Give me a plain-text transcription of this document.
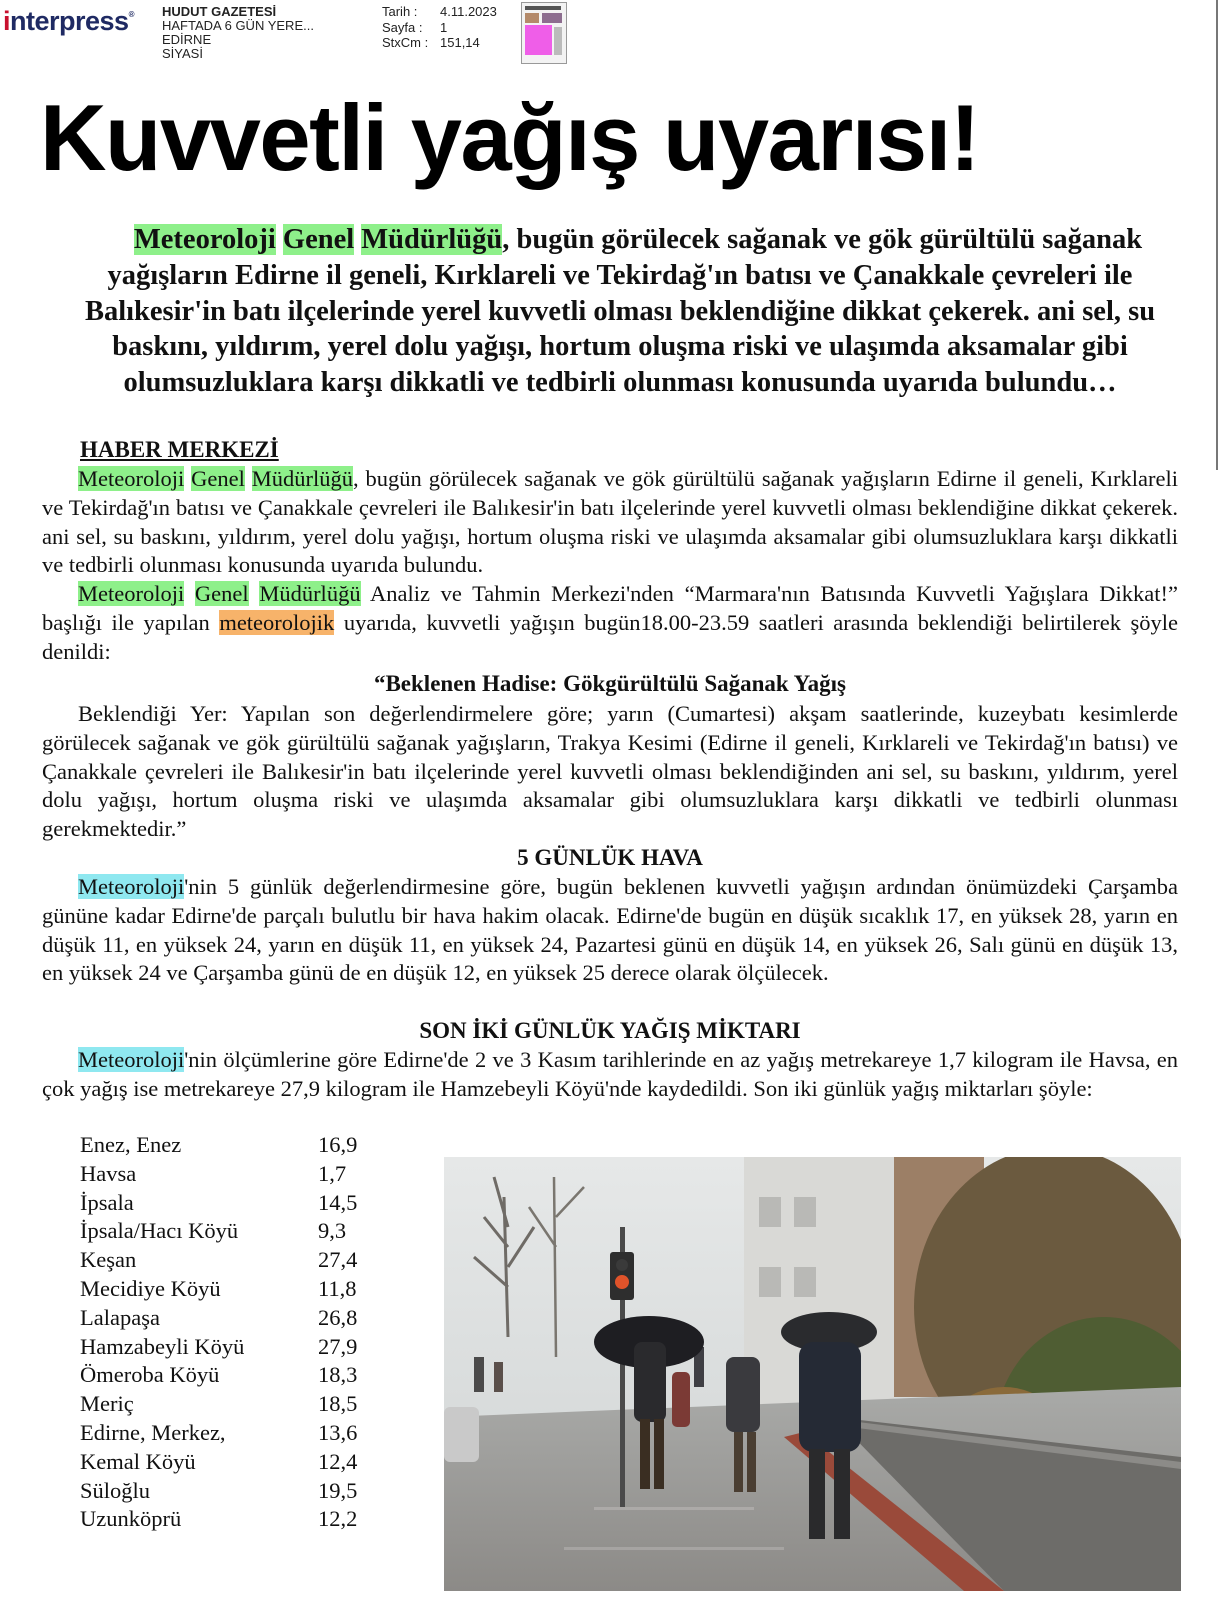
interpress® HUDUT GAZETESİ
HAFTADA 6 GÜN YERE...
EDİRNE
SİYASİ
Tarih :	4.11.2023
Sayfa :	1
StxCm : 151,14
Kuvvetli yağış uyarısı!
Meteoroloji Genel Müdürlüğü, bugün görülecek sağanak ve gök gürültülü sağanak yağışların Edirne il geneli, Kırklareli ve Tekirdağ'ın batısı ve Çanakkale çevreleri ile Balıkesir'in batı ilçelerinde yerel kuvvetli olması beklendiğine dikkat çekerek. ani sel, su baskını, yıldırım, yerel dolu yağışı, hortum oluşma riski ve ulaşımda aksamalar gibi olumsuzluklara karşı dikkatli ve tedbirli olunması konusunda uyarıda bulundu…
HABER MERKEZİ
Meteoroloji Genel Müdürlüğü, bugün görülecek sağanak ve gök gürültülü sağanak yağışların Edirne il geneli, Kırklareli ve Tekirdağ'ın batısı ve Çanakkale çevreleri ile Balıkesir'in batı ilçelerinde yerel kuvvetli olması beklendiğine dikkat çekerek. ani sel, su baskını, yıldırım, yerel dolu yağışı, hortum oluşma riski ve ulaşımda aksamalar gibi olumsuzluklara karşı dikkatli ve tedbirli olunması konusunda uyarıda bulundu.
Meteoroloji Genel Müdürlüğü Analiz ve Tahmin Merkezi'nden “Marmara'nın Batısında Kuvvetli Yağışlara Dikkat!” başlığı ile yapılan meteorolojik uyarıda, kuvvetli yağışın bugün18.00-23.59 saatleri arasında beklendiği belirtilerek şöyle denildi:
“Beklenen Hadise: Gökgürültülü Sağanak Yağış
Beklendiği Yer: Yapılan son değerlendirmelere göre; yarın (Cumartesi) akşam saatlerinde, kuzeybatı kesimlerde görülecek sağanak ve gök gürültülü sağanak yağışların, Trakya Kesimi (Edirne il geneli, Kırklareli ve Tekirdağ'ın batısı) ve Çanakkale çevreleri ile Balıkesir'in batı ilçelerinde yerel kuvvetli olması beklendiğinden ani sel, su baskını, yıldırım, yerel dolu yağışı, hortum oluşma riski ve ulaşımda aksamalar gibi olumsuzluklara karşı dikkatli ve tedbirli olunması gerekmektedir.”
5 GÜNLÜK HAVA
Meteoroloji'nin 5 günlük değerlendirmesine göre, bugün beklenen kuvvetli yağışın ardından önümüzdeki Çarşamba gününe kadar Edirne'de parçalı bulutlu bir hava hakim olacak. Edirne'de bugün en düşük sıcaklık 17, en yüksek 28, yarın en düşük 11, en yüksek 24, yarın en düşük 11, en yüksek 24, Pazartesi günü en düşük 14, en yüksek 26, Salı günü en düşük 13, en yüksek 24 ve Çarşamba günü de en düşük 12, en yüksek 25 derece olarak ölçülecek.
SON İKİ GÜNLÜK YAĞIŞ MİKTARI
Meteoroloji'nin ölçümlerine göre Edirne'de 2 ve 3 Kasım tarihlerinde en az yağış metrekareye 1,7 kilogram ile Havsa, en çok yağış ise metrekareye 27,9 kilogram ile Hamzebeyli Köyü'nde kaydedildi. Son iki günlük yağış miktarları şöyle:
Enez, Enez	16,9
Havsa	1,7
İpsala	14,5
İpsala/Hacı Köyü	9,3
Keşan	27,4
Mecidiye Köyü	11,8
Lalapaşa	26,8
Hamzabeyli Köyü	27,9
Ömeroba Köyü	18,3
Meriç	18,5
Edirne, Merkez,	13,6
Kemal Köyü	12,4
Süloğlu	19,5
Uzunköprü	12,2
